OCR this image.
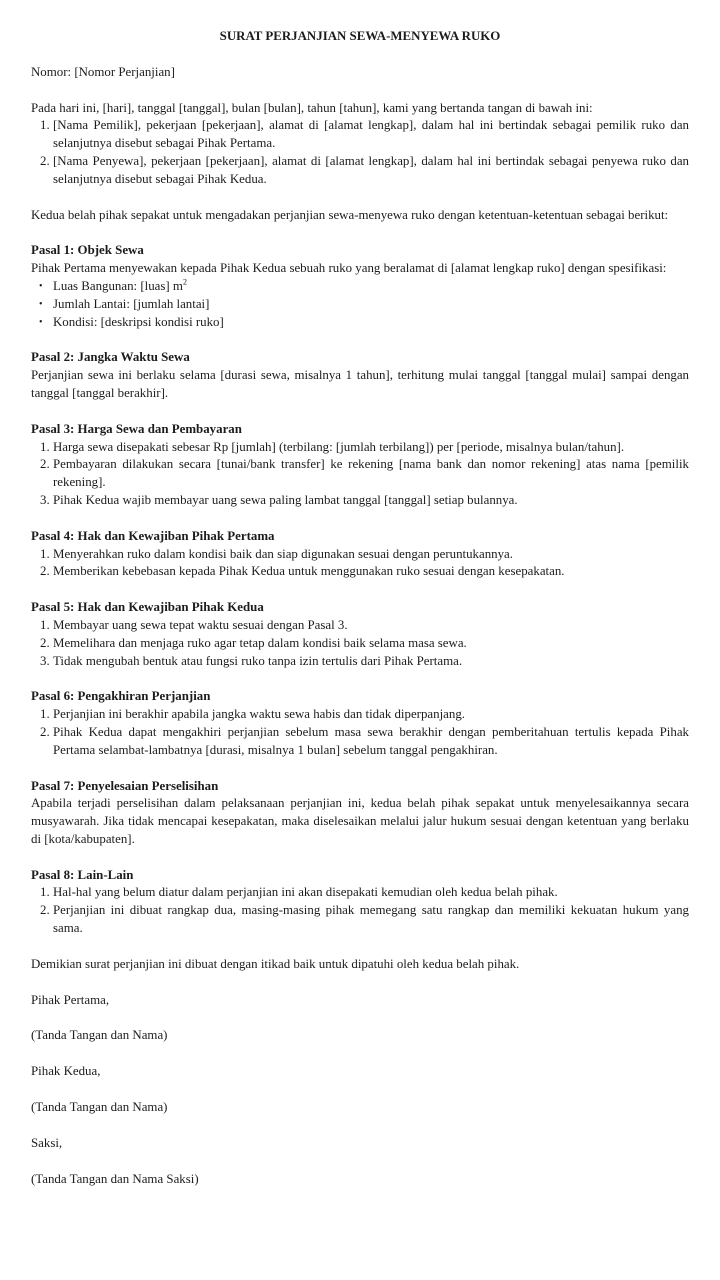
SURAT PERJANJIAN SEWA-MENYEWA RUKO

Nomor: [Nomor Perjanjian]

Pada hari ini, [hari], tanggal [tanggal], bulan [bulan], tahun [tahun], kami yang bertanda tangan di bawah ini:

1. [Nama Pemilik], pekerjaan [pekerjaan], alamat di [alamat lengkap], dalam hal ini bertindak sebagai pemilik ruko dan selanjutnya disebut sebagai Pihak Pertama.
2. [Nama Penyewa], pekerjaan [pekerjaan], alamat di [alamat lengkap], dalam hal ini bertindak sebagai penyewa ruko dan selanjutnya disebut sebagai Pihak Kedua.

Kedua belah pihak sepakat untuk mengadakan perjanjian sewa-menyewa ruko dengan ketentuan-ketentuan sebagai berikut:

Pasal 1: Objek Sewa

Pihak Pertama menyewakan kepada Pihak Kedua sebuah ruko yang beralamat di [alamat lengkap ruko] dengan spesifikasi:

• Luas Bangunan: [luas] $m^2$
• Jumlah Lantai: [jumlah lantai]
• Kondisi: [deskripsi kondisi ruko]
Pasal 2: Jangka Waktu Sewa

Perjanjian sewa ini berlaku selama [durasi sewa, misalnya 1 tahun], terhitung mulai tanggal [tanggal mulai] sampai dengan tanggal [tanggal berakhir].

Pasal 3: Harga Sewa dan Pembayaran
1. Harga sewa disepakati sebesar Rp [jumlah] (terbilang: [jumlah terbilang]) per [periode, misalnya bulan/tahun].
2. Pembayaran dilakukan secara [tunai/bank transfer] ke rekening [nama bank dan nomor rekening] atas nama [pemilik rekening].
3. Pihak Kedua wajib membayar uang sewa paling lambat tanggal [tanggal] setiap bulannya.
Pasal 4: Hak dan Kewajiban Pihak Pertama
1. Menyerahkan ruko dalam kondisi baik dan siap digunakan sesuai dengan peruntukannya.
2. Memberikan kebebasan kepada Pihak Kedua untuk menggunakan ruko sesuai dengan kesepakatan.
Pasal 5: Hak dan Kewajiban Pihak Kedua
1. Membayar uang sewa tepat waktu sesuai dengan Pasal 3.
2. Memelihara dan menjaga ruko agar tetap dalam kondisi baik selama masa sewa.
3. Tidak mengubah bentuk atau fungsi ruko tanpa izin tertulis dari Pihak Pertama.
Pasal 6: Pengakhiran Perjanjian
1. Perjanjian ini berakhir apabila jangka waktu sewa habis dan tidak diperpanjang.
2. Pihak Kedua dapat mengakhiri perjanjian sebelum masa sewa berakhir dengan pemberitahuan tertulis kepada Pihak Pertama selambat-lambatnya [durasi, misalnya 1 bulan] sebelum tanggal pengakhiran.
Pasal 7: Penyelesaian Perselisihan

Apabila terjadi perselisihan dalam pelaksanaan perjanjian ini, kedua belah pihak sepakat untuk menyelesaikannya secara musyawarah. Jika tidak mencapai kesepakatan, maka diselesaikan melalui jalur hukum sesuai dengan ketentuan yang berlaku di [kota/kabupaten].

Pasal 8: Lain-Lain
1. Hal-hal yang belum diatur dalam perjanjian ini akan disepakati kemudian oleh kedua belah pihak.
2. Perjanjian ini dibuat rangkap dua, masing-masing pihak memegang satu rangkap dan memiliki kekuatan hukum yang sama.

Demikian surat perjanjian ini dibuat dengan itikad baik untuk dipatuhi oleh kedua belah pihak.

Pihak Pertama,

(Tanda Tangan dan Nama)

Pihak Kedua,

(Tanda Tangan dan Nama)

Saksi,

(Tanda Tangan dan Nama Saksi)
